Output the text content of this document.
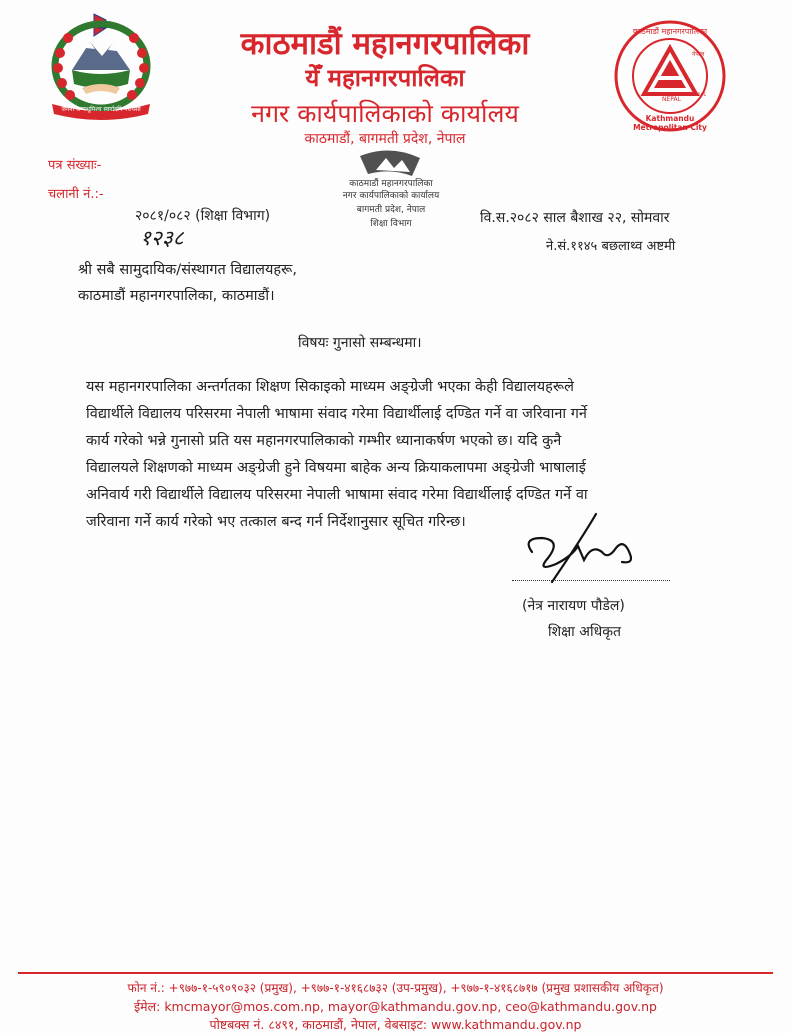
जननी जन्मभूमिश्च स्वर्गादपि गरीयसी
काठमाडौं महानगरपालिका
येँ महानगरपालिका
नगर कार्यपालिकाको कार्यालय
काठमाडौं, बागमती प्रदेश, नेपाल
काठमाडौं महानगरपालिका
नेपाल
NEPAL
१९८८
Kathmandu Metropolitan City
पत्र संख्याः-
चलानी नं.:-
काठमाडौं महानगरपालिका
नगर कार्यपालिकाको कार्यालय
बागमती प्रदेश, नेपाल
शिक्षा विभाग
२०८१/०८२ (शिक्षा विभाग)
१२३८
वि.स.२०८२ साल बैशाख २२, सोमवार
ने.सं.११४५ बछलाथ्व अष्टमी
श्री सबै सामुदायिक/संस्थागत विद्यालयहरू,
काठमाडौं महानगरपालिका, काठमाडौं।
विषयः गुनासो सम्बन्धमा।
यस महानगरपालिका अन्तर्गतका शिक्षण सिकाइको माध्यम अङ्ग्रेजी भएका केही विद्यालयहरूले
विद्यार्थीले विद्यालय परिसरमा नेपाली भाषामा संवाद गरेमा विद्यार्थीलाई दण्डित गर्ने वा जरिवाना गर्ने
कार्य गरेको भन्ने गुनासो प्रति यस महानगरपालिकाको गम्भीर ध्यानाकर्षण भएको छ। यदि कुनै
विद्यालयले शिक्षणको माध्यम अङ्ग्रेजी हुने विषयमा बाहेक अन्य क्रियाकलापमा अङ्ग्रेजी भाषालाई
अनिवार्य गरी विद्यार्थीले विद्यालय परिसरमा नेपाली भाषामा संवाद गरेमा विद्यार्थीलाई दण्डित गर्ने वा
जरिवाना गर्ने कार्य गरेको भए तत्काल बन्द गर्न निर्देशानुसार सूचित गरिन्छ।
(नेत्र नारायण पौडेल)
शिक्षा अधिकृत
फोन नं.: +९७७-१-५९०९०३२ (प्रमुख), +९७७-१-४१६८७३२ (उप-प्रमुख), +९७७-१-४१६८७१७ (प्रमुख प्रशासकीय अधिकृत)
ईमेल: kmcmayor@mos.com.np, mayor@kathmandu.gov.np, ceo@kathmandu.gov.np
पोष्टबक्स नं. ८४९१, काठमाडौं, नेपाल, वेबसाइट: www.kathmandu.gov.np
